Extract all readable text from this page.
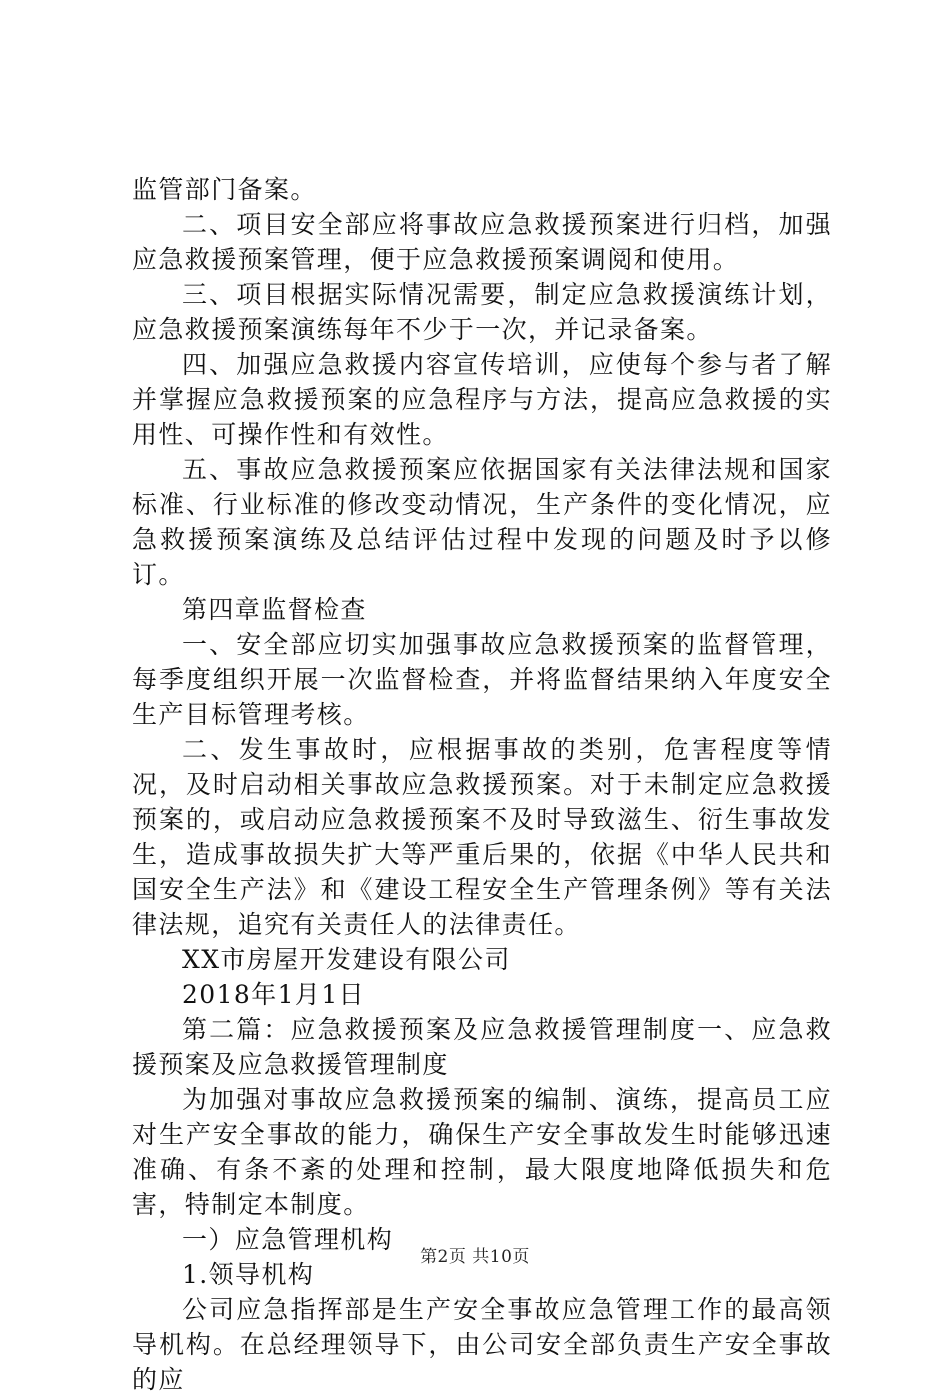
监管部门备案。

二、项目安全部应将事故应急救援预案进行归档，加强应急救援预案管理，便于应急救援预案调阅和使用。

三、项目根据实际情况需要，制定应急救援演练计划，应急救援预案演练每年不少于一次，并记录备案。

四、加强应急救援内容宣传培训，应使每个参与者了解并掌握应急救援预案的应急程序与方法，提高应急救援的实用性、可操作性和有效性。

五、事故应急救援预案应依据国家有关法律法规和国家标准、行业标准的修改变动情况，生产条件的变化情况，应急救援预案演练及总结评估过程中发现的问题及时予以修订。

第四章监督检查

一、安全部应切实加强事故应急救援预案的监督管理，每季度组织开展一次监督检查，并将监督结果纳入年度安全生产目标管理考核。

二、发生事故时，应根据事故的类别，危害程度等情况，及时启动相关事故应急救援预案。对于未制定应急救援预案的，或启动应急救援预案不及时导致滋生、衍生事故发生，造成事故损失扩大等严重后果的，依据《中华人民共和国安全生产法》和《建设工程安全生产管理条例》等有关法律法规，追究有关责任人的法律责任。

XX市房屋开发建设有限公司

2018年1月1日

第二篇：应急救援预案及应急救援管理制度一、应急救援预案及应急救援管理制度

为加强对事故应急救援预案的编制、演练，提高员工应对生产安全事故的能力，确保生产安全事故发生时能够迅速准确、有条不紊的处理和控制，最大限度地降低损失和危害，特制定本制度。

一）应急管理机构

1.领导机构

公司应急指挥部是生产安全事故应急管理工作的最高领导机构。在总经理领导下，由公司安全部负责生产安全事故的应

第2页 共10页
